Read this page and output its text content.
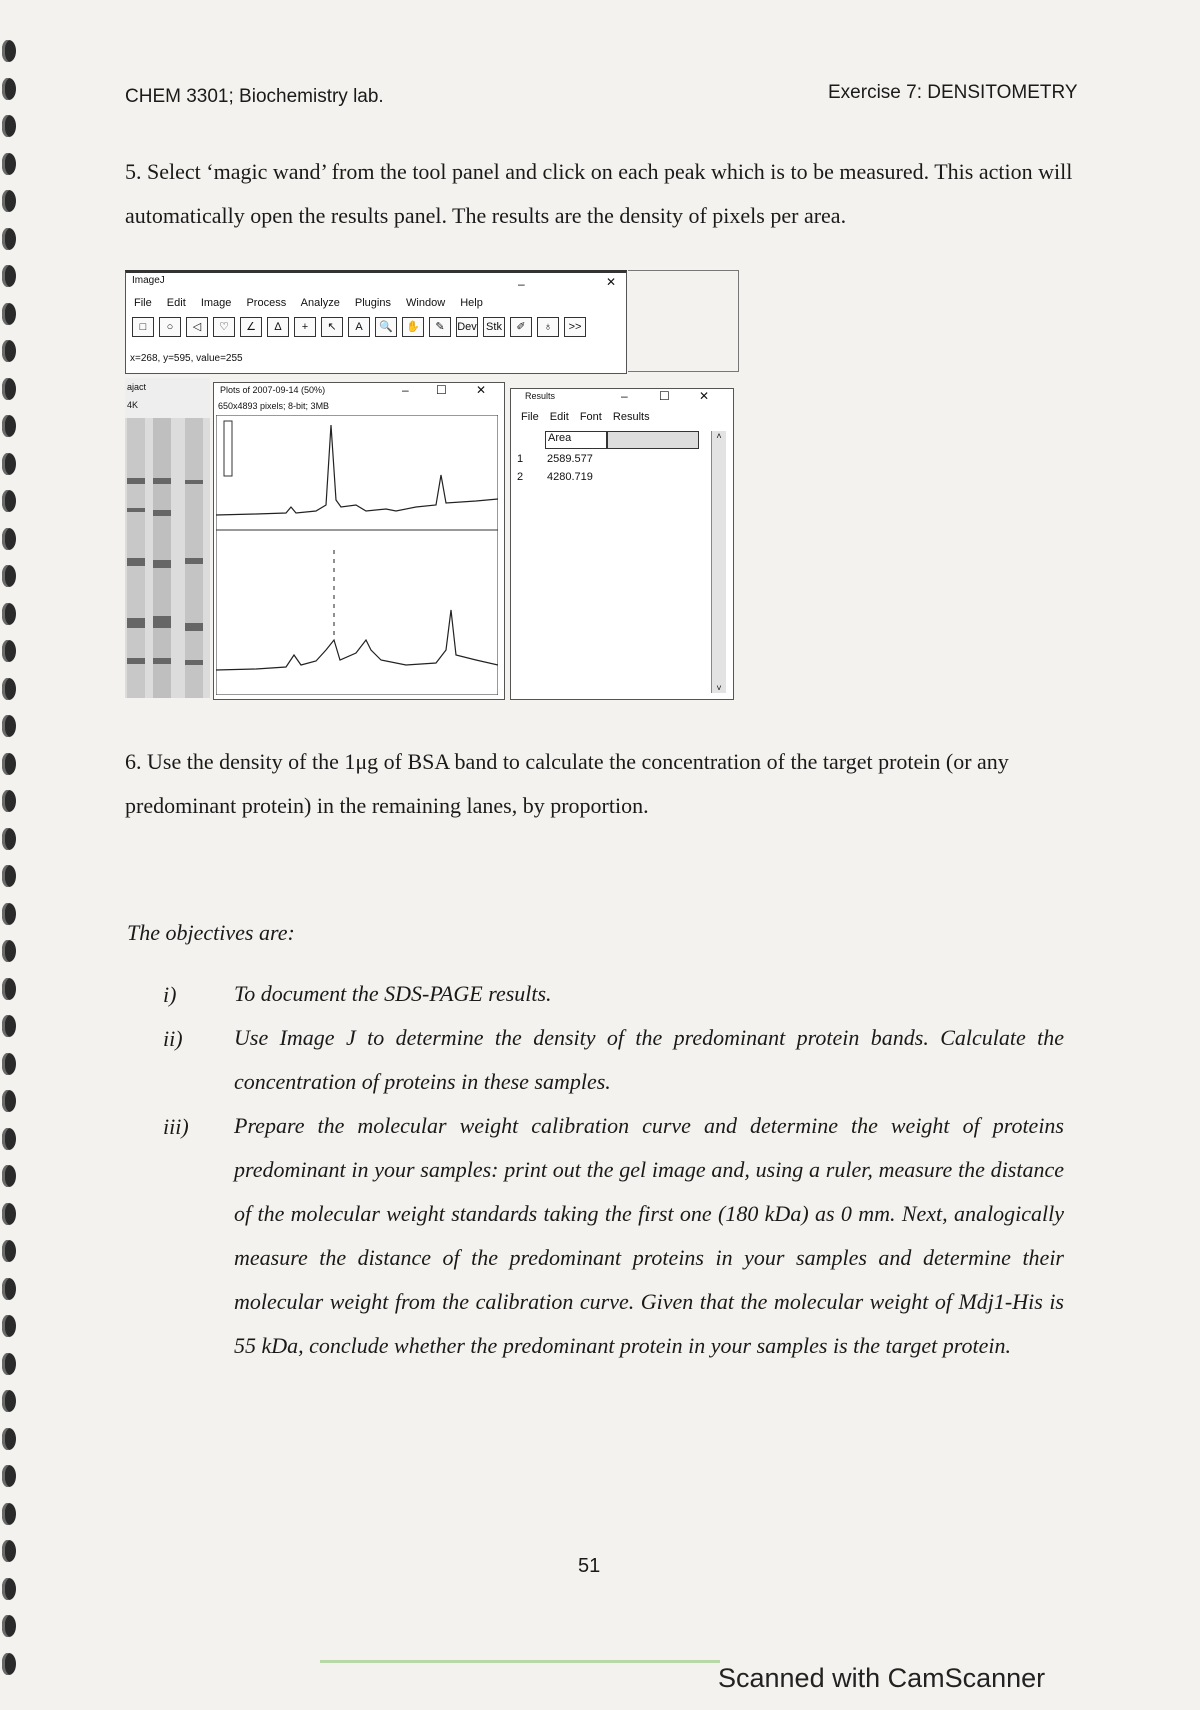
CHEM 3301; Biochemistry lab.	Exercise 7: DENSITOMETRY
5. Select ‘magic wand’ from the tool panel and click on each peak which is to be measured. This action will automatically open the results panel. The results are the density of pixels per area.
ImageJ	–	✕
File Edit Image Process Analyze Plugins Window Help
□	○	◁	♡	∠	∆	+	↖	A	🔍	✋	✎	Dev Stk	✐	♁	>>
x=268, y=595, value=255
ajact
4K
Plots of 2007-09-14 (50%)	– ☐ ✕
650x4893 pixels; 8-bit; 3MB
Results	–	☐ ✕
File Edit Font Results
Area
1 2589.577
2 4280.719
˄
˅
6. Use the density of the 1μg of BSA band to calculate the concentration of the target protein (or any predominant protein) in the remaining lanes, by proportion.
The objectives are:
i)	To document the SDS-PAGE results.
ii) Use Image J to determine the density of the predominant protein bands. Calculate the concentration of proteins in these samples.
iii) Prepare the molecular weight calibration curve and determine the weight of proteins predominant in your samples: print out the gel image and, using a ruler, measure the distance of the molecular weight standards taking the first one (180 kDa) as 0 mm. Next, analogically measure the distance of the predominant proteins in your samples and determine their molecular weight from the calibration curve. Given that the molecular weight of Mdj1-His is 55 kDa, conclude whether the predominant protein in your samples is the target protein.
51
Scanned with CamScanner
